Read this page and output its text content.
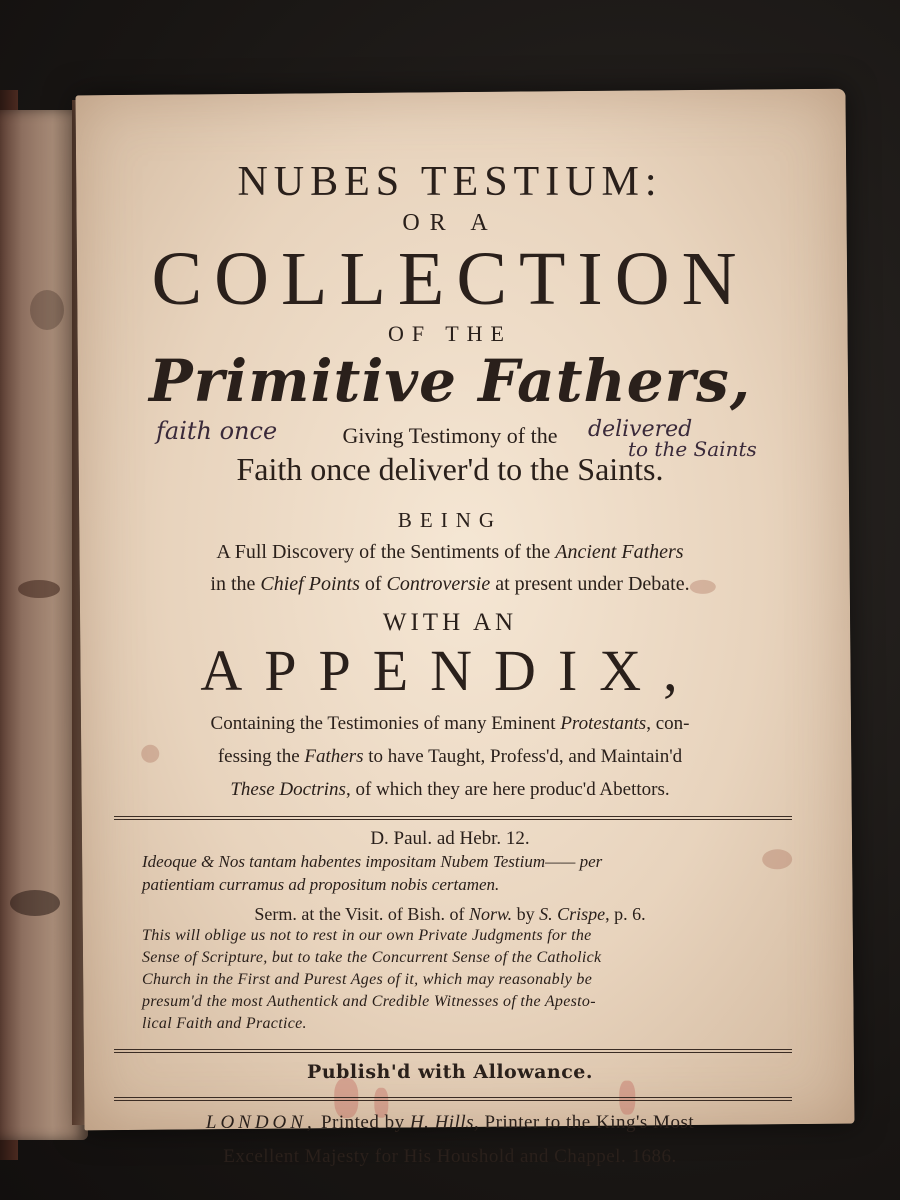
NUBES TESTIUM:
OR A
COLLECTION
OF THE
Primitive Fathers,
faith once	Giving Testimony of the delivered
Faith once deliver'd to the Saints.
to the Saints
BEING
A Full Discovery of the Sentiments of the Ancient Fathers
in the Chief Points of Controversie at present under Debate.
WITH AN
APPENDIX,
Containing the Testimonies of many Eminent Protestants, con-
fessing the Fathers to have Taught, Profess'd, and Maintain'd
These Doctrins, of which they are here produc'd Abettors.
D. Paul. ad Hebr. 12.
Ideoque & Nos tantam habentes impositam Nubem Testium—— per
patientiam curramus ad propositum nobis certamen.
Serm. at the Visit. of Bish. of Norw. by S. Crispe, p. 6.
This will oblige us not to rest in our own Private Judgments for the
Sense of Scripture, but to take the Concurrent Sense of the Catholick
Church in the First and Purest Ages of it, which may reasonably be
presum'd the most Authentick and Credible Witnesses of the Apesto-
lical Faith and Practice.
Publish'd with Allowance.
LONDON, Printed by H. Hills, Printer to the King's Most
Excellent Majesty for His Houshold and Chappel. 1686.
